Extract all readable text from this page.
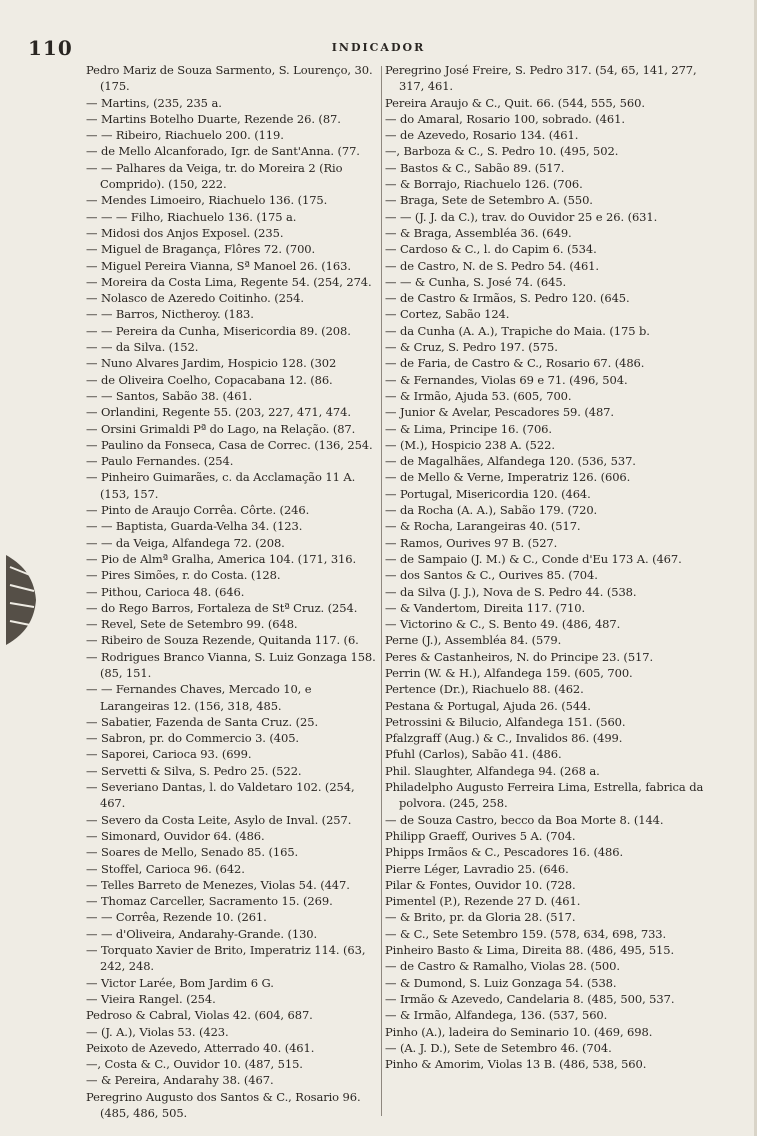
110	INDICADOR

Pedro Mariz de Souza Sarmento, S. Lourenço, 30. (175.

— Martins, (235, 235 a.

— Martins Botelho Duarte, Rezende 26. (87.

— — Ribeiro, Riachuelo 200. (119.

— de Mello Alcanforado, Igr. de Sant'Anna. (77.

— — Palhares da Veiga, tr. do Moreira 2 (Rio Comprido). (150, 222.

— Mendes Limoeiro, Riachuelo 136. (175.

— — — Filho, Riachuelo 136. (175 a.

— Midosi dos Anjos Exposel. (235.

— Miguel de Bragança, Flôres 72. (700.

— Miguel Pereira Vianna, Sª Manoel 26. (163.

— Moreira da Costa Lima, Regente 54. (254, 274.

— Nolasco de Azeredo Coitinho. (254.

— — Barros, Nictheroy. (183.

— — Pereira da Cunha, Misericordia 89. (208.

— — da Silva. (152.

— Nuno Alvares Jardim, Hospicio 128. (302

— de Oliveira Coelho, Copacabana 12. (86.

— — Santos, Sabão 38. (461.

— Orlandini, Regente 55. (203, 227, 471, 474.

— Orsini Grimaldi Pª do Lago, na Relação. (87.

— Paulino da Fonseca, Casa de Correc. (136, 254.

— Paulo Fernandes. (254.

— Pinheiro Guimarães, c. da Acclamação 11 A. (153, 157.

— Pinto de Araujo Corrêa. Côrte. (246.

— — Baptista, Guarda-Velha 34. (123.

— — da Veiga, Alfandega 72. (208.

— Pio de Almª Gralha, America 104. (171, 316.

— Pires Simões, r. do Costa. (128.

— Pithou, Carioca 48. (646.

— do Rego Barros, Fortaleza de Stª Cruz. (254.

— Revel, Sete de Setembro 99. (648.

— Ribeiro de Souza Rezende, Quitanda 117. (6.

— Rodrigues Branco Vianna, S. Luiz Gonzaga 158. (85, 151.

— — Fernandes Chaves, Mercado 10, e Larangeiras 12. (156, 318, 485.

— Sabatier, Fazenda de Santa Cruz. (25.

— Sabron, pr. do Commercio 3. (405.

— Saporei, Carioca 93. (699.

— Servetti & Silva, S. Pedro 25. (522.

— Severiano Dantas, l. do Valdetaro 102. (254, 467.

— Severo da Costa Leite, Asylo de Inval. (257.

— Simonard, Ouvidor 64. (486.

— Soares de Mello, Senado 85. (165.

— Stoffel, Carioca 96. (642.

— Telles Barreto de Menezes, Violas 54. (447.

— Thomaz Carceller, Sacramento 15. (269.

— — Corrêa, Rezende 10. (261.

— — d'Oliveira, Andarahy-Grande. (130.

— Torquato Xavier de Brito, Imperatriz 114. (63, 242, 248.

— Victor Larée, Bom Jardim 6 G.

— Vieira Rangel. (254.

Pedroso & Cabral, Violas 42. (604, 687.

— (J. A.), Violas 53. (423.

Peixoto de Azevedo, Atterrado 40. (461.

—, Costa & C., Ouvidor 10. (487, 515.

— & Pereira, Andarahy 38. (467.

Peregrino Augusto dos Santos & C., Rosario 96. (485, 486, 505.

Peregrino José Freire, S. Pedro 317. (54, 65, 141, 277, 317, 461.

Pereira Araujo & C., Quit. 66. (544, 555, 560.

— do Amaral, Rosario 100, sobrado. (461.

— de Azevedo, Rosario 134. (461.

—, Barboza & C., S. Pedro 10. (495, 502.

— Bastos & C., Sabão 89. (517.

— & Borrajo, Riachuelo 126. (706.

— Braga, Sete de Setembro A. (550.

— — (J. J. da C.), trav. do Ouvidor 25 e 26. (631.

— & Braga, Assembléa 36. (649.

— Cardoso & C., l. do Capim 6. (534.

— de Castro, N. de S. Pedro 54. (461.

— — & Cunha, S. José 74. (645.

— de Castro & Irmãos, S. Pedro 120. (645.

— Cortez, Sabão 124.

— da Cunha (A. A.), Trapiche do Maia. (175 b.

— & Cruz, S. Pedro 197. (575.

— de Faria, de Castro & C., Rosario 67. (486.

— & Fernandes, Violas 69 e 71. (496, 504.

— & Irmão, Ajuda 53. (605, 700.

— Junior & Avelar, Pescadores 59. (487.

— & Lima, Principe 16. (706.

— (M.), Hospicio 238 A. (522.

— de Magalhães, Alfandega 120. (536, 537.

— de Mello & Verne, Imperatriz 126. (606.

— Portugal, Misericordia 120. (464.

— da Rocha (A. A.), Sabão 179. (720.

— & Rocha, Larangeiras 40. (517.

— Ramos, Ourives 97 B. (527.

— de Sampaio (J. M.) & C., Conde d'Eu 173 A. (467.

— dos Santos & C., Ourives 85. (704.

— da Silva (J. J.), Nova de S. Pedro 44. (538.

— & Vandertom, Direita 117. (710.

— Victorino & C., S. Bento 49. (486, 487.

Perne (J.), Assembléa 84. (579.

Peres & Castanheiros, N. do Principe 23. (517.

Perrin (W. & H.), Alfandega 159. (605, 700.

Pertence (Dr.), Riachuelo 88. (462.

Pestana & Portugal, Ajuda 26. (544.

Petrossini & Bilucio, Alfandega 151. (560.

Pfalzgraff (Aug.) & C., Invalidos 86. (499.

Pfuhl (Carlos), Sabão 41. (486.

Phil. Slaughter, Alfandega 94. (268 a.

Philadelpho Augusto Ferreira Lima, Estrella, fabrica da polvora. (245, 258.

— de Souza Castro, becco da Boa Morte 8. (144.

Philipp Graeff, Ourives 5 A. (704.

Phipps Irmãos & C., Pescadores 16. (486.

Pierre Léger, Lavradio 25. (646.

Pilar & Fontes, Ouvidor 10. (728.

Pimentel (P.), Rezende 27 D. (461.

— & Brito, pr. da Gloria 28. (517.

— & C., Sete Setembro 159. (578, 634, 698, 733.

Pinheiro Basto & Lima, Direita 88. (486, 495, 515.

— de Castro & Ramalho, Violas 28. (500.

— & Dumond, S. Luiz Gonzaga 54. (538.

— Irmão & Azevedo, Candelaria 8. (485, 500, 537.

— & Irmão, Alfandega, 136. (537, 560.

Pinho (A.), ladeira do Seminario 10. (469, 698.

— (A. J. D.), Sete de Setembro 46. (704.

Pinho & Amorim, Violas 13 B. (486, 538, 560.
